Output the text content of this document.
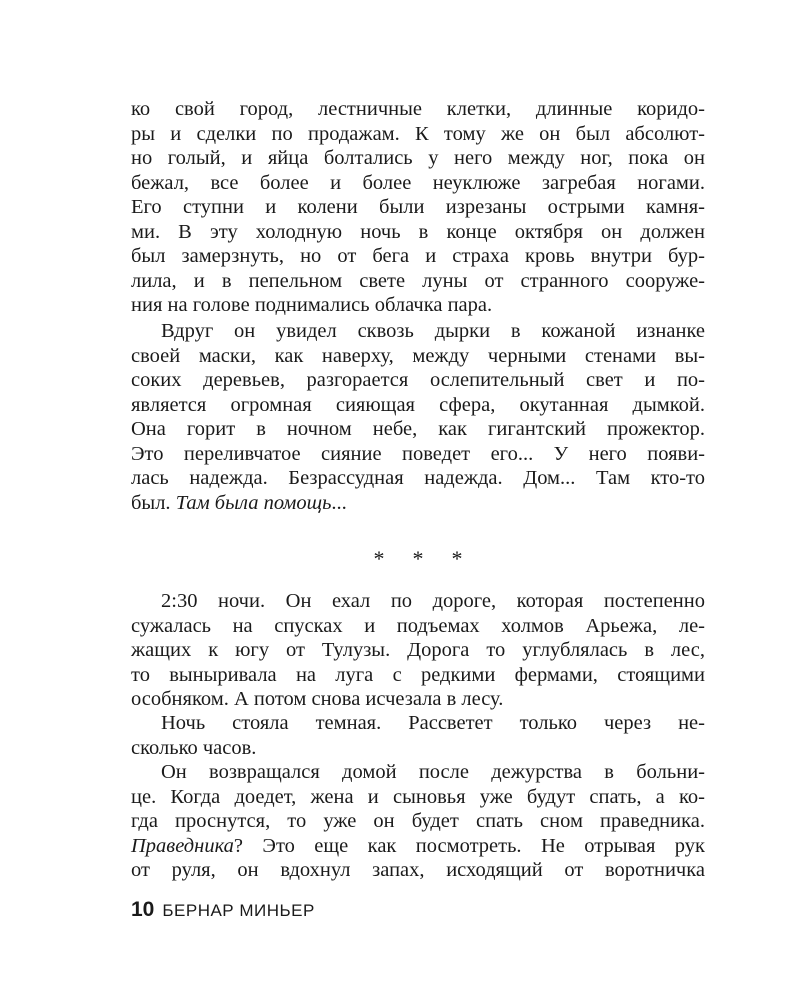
ко свой город, лестничные клетки, длинные коридо-
ры и сделки по продажам. К тому же он был абсолют-
но голый, и яйца болтались у него между ног, пока он
бежал, все более и более неуклюже загребая ногами.
Его ступни и колени были изрезаны острыми камня-
ми. В эту холодную ночь в конце октября он должен
был замерзнуть, но от бега и страха кровь внутри бур-
лила, и в пепельном свете луны от странного сооруже-
ния на голове поднимались облачка пара.
Вдруг он увидел сквозь дырки в кожаной изнанке
своей маски, как наверху, между черными стенами вы-
соких деревьев, разгорается ослепительный свет и по-
является огромная сияющая сфера, окутанная дымкой.
Она горит в ночном небе, как гигантский прожектор.
Это переливчатое сияние поведет его... У него появи-
лась надежда. Безрассудная надежда. Дом... Там кто-то
был. Там была помощь...
* * *
2:30 ночи. Он ехал по дороге, которая постепенно
сужалась на спусках и подъемах холмов Арьежа, ле-
жащих к югу от Тулузы. Дорога то углублялась в лес,
то выныривала на луга с редкими фермами, стоящими
особняком. А потом снова исчезала в лесу.
Ночь стояла темная. Рассветет только через не-
сколько часов.
Он возвращался домой после дежурства в больни-
це. Когда доедет, жена и сыновья уже будут спать, а ко-
гда проснутся, то уже он будет спать сном праведника.
Праведника? Это еще как посмотреть. Не отрывая рук
от руля, он вдохнул запах, исходящий от воротничка
10 БЕРНАР МИНЬЕР
